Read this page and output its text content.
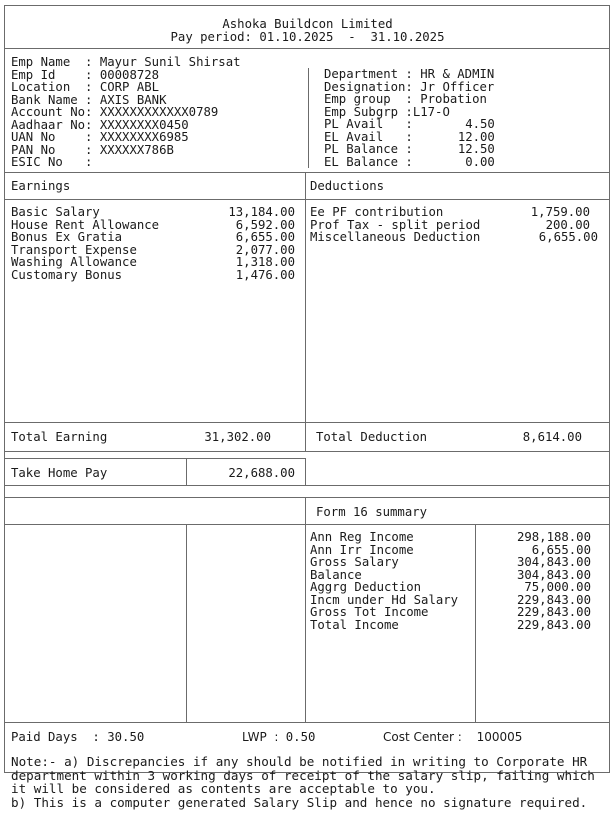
Ashoka Buildcon Limited
Pay period: 01.10.2025 - 31.10.2025
Emp Name  : Mayur Sunil Shirsat
Emp Id    : 00008728
Location  : CORP ABL
Bank Name : AXIS BANK
Account No: XXXXXXXXXXXX0789
Aadhaar No: XXXXXXXX0450
UAN No    : XXXXXXXX6985
PAN No    : XXXXXX786B
ESIC No   :
Department : HR & ADMIN
Designation: Jr Officer
Emp group  : Probation
Emp Subgrp :L17-O
PL Avail   :	4.50
EL Avail   :	12.00
PL Balance :	12.50
EL Balance :	0.00
Earnings	Deductions
Basic Salary	13,184.00
House Rent Allowance	6,592.00
Bonus Ex Gratia	6,655.00
Transport Expense	2,077.00
Washing Allowance	1,318.00
Customary Bonus	1,476.00
Ee PF contribution	1,759.00
Prof Tax - split period	200.00
Miscellaneous Deduction	6,655.00
Total Earning	31,302.00	Total Deduction	8,614.00
Take Home Pay	22,688.00
Form 16 summary
Ann Reg Income	298,188.00
Ann Irr Income	6,655.00
Gross Salary	304,843.00
Balance	304,843.00
Aggrg Deduction	75,000.00
Incm under Hd Salary	229,843.00
Gross Tot Income	229,843.00
Total Income	229,843.00
Paid Days  : 30.50	LWP  : 0.50	Cost Center : 100005
Note:- a) Discrepancies if any should be notified in writing to Corporate HR
department within 3 working days of receipt of the salary slip, failing which
it will be considered as contents are acceptable to you.
b) This is a computer generated Salary Slip and hence no signature required.
